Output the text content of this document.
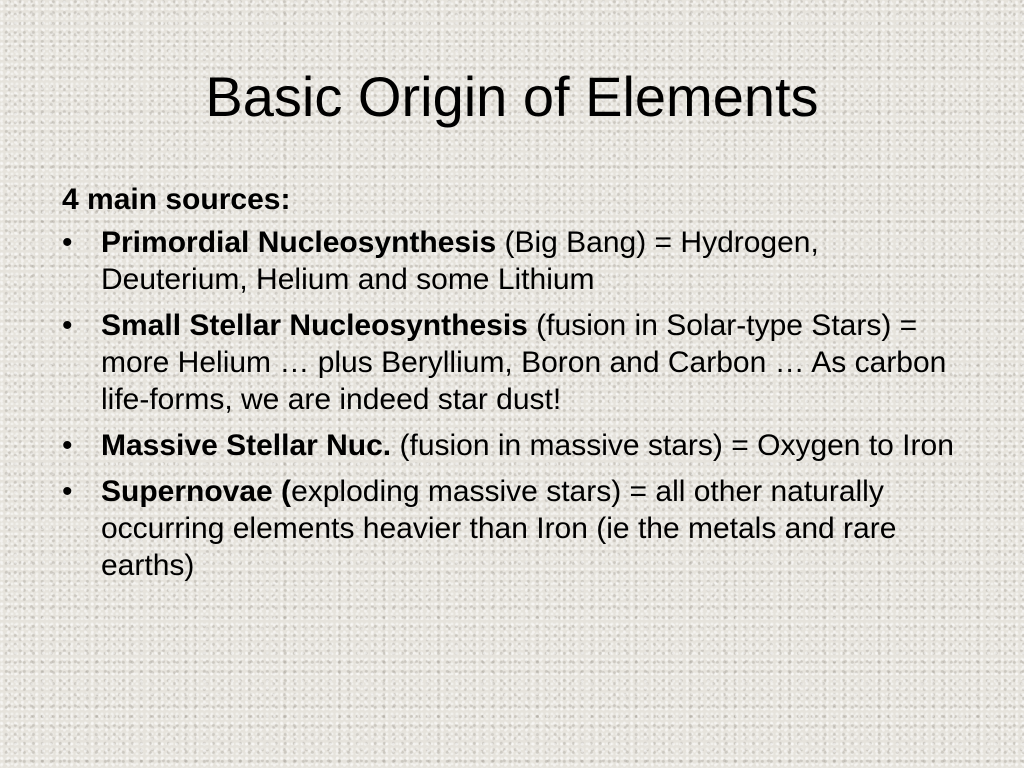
Basic Origin of Elements

4 main sources:

• Primordial Nucleosynthesis (Big Bang) = Hydrogen, Deuterium, Helium and some Lithium
• Small Stellar Nucleosynthesis (fusion in Solar-type Stars) = more Helium … plus Beryllium, Boron and Carbon … As carbon life-forms, we are indeed star dust!
• Massive Stellar Nuc. (fusion in massive stars) = Oxygen to Iron
• Supernovae (exploding massive stars) = all other naturally occurring elements heavier than Iron (ie the metals and rare earths)
